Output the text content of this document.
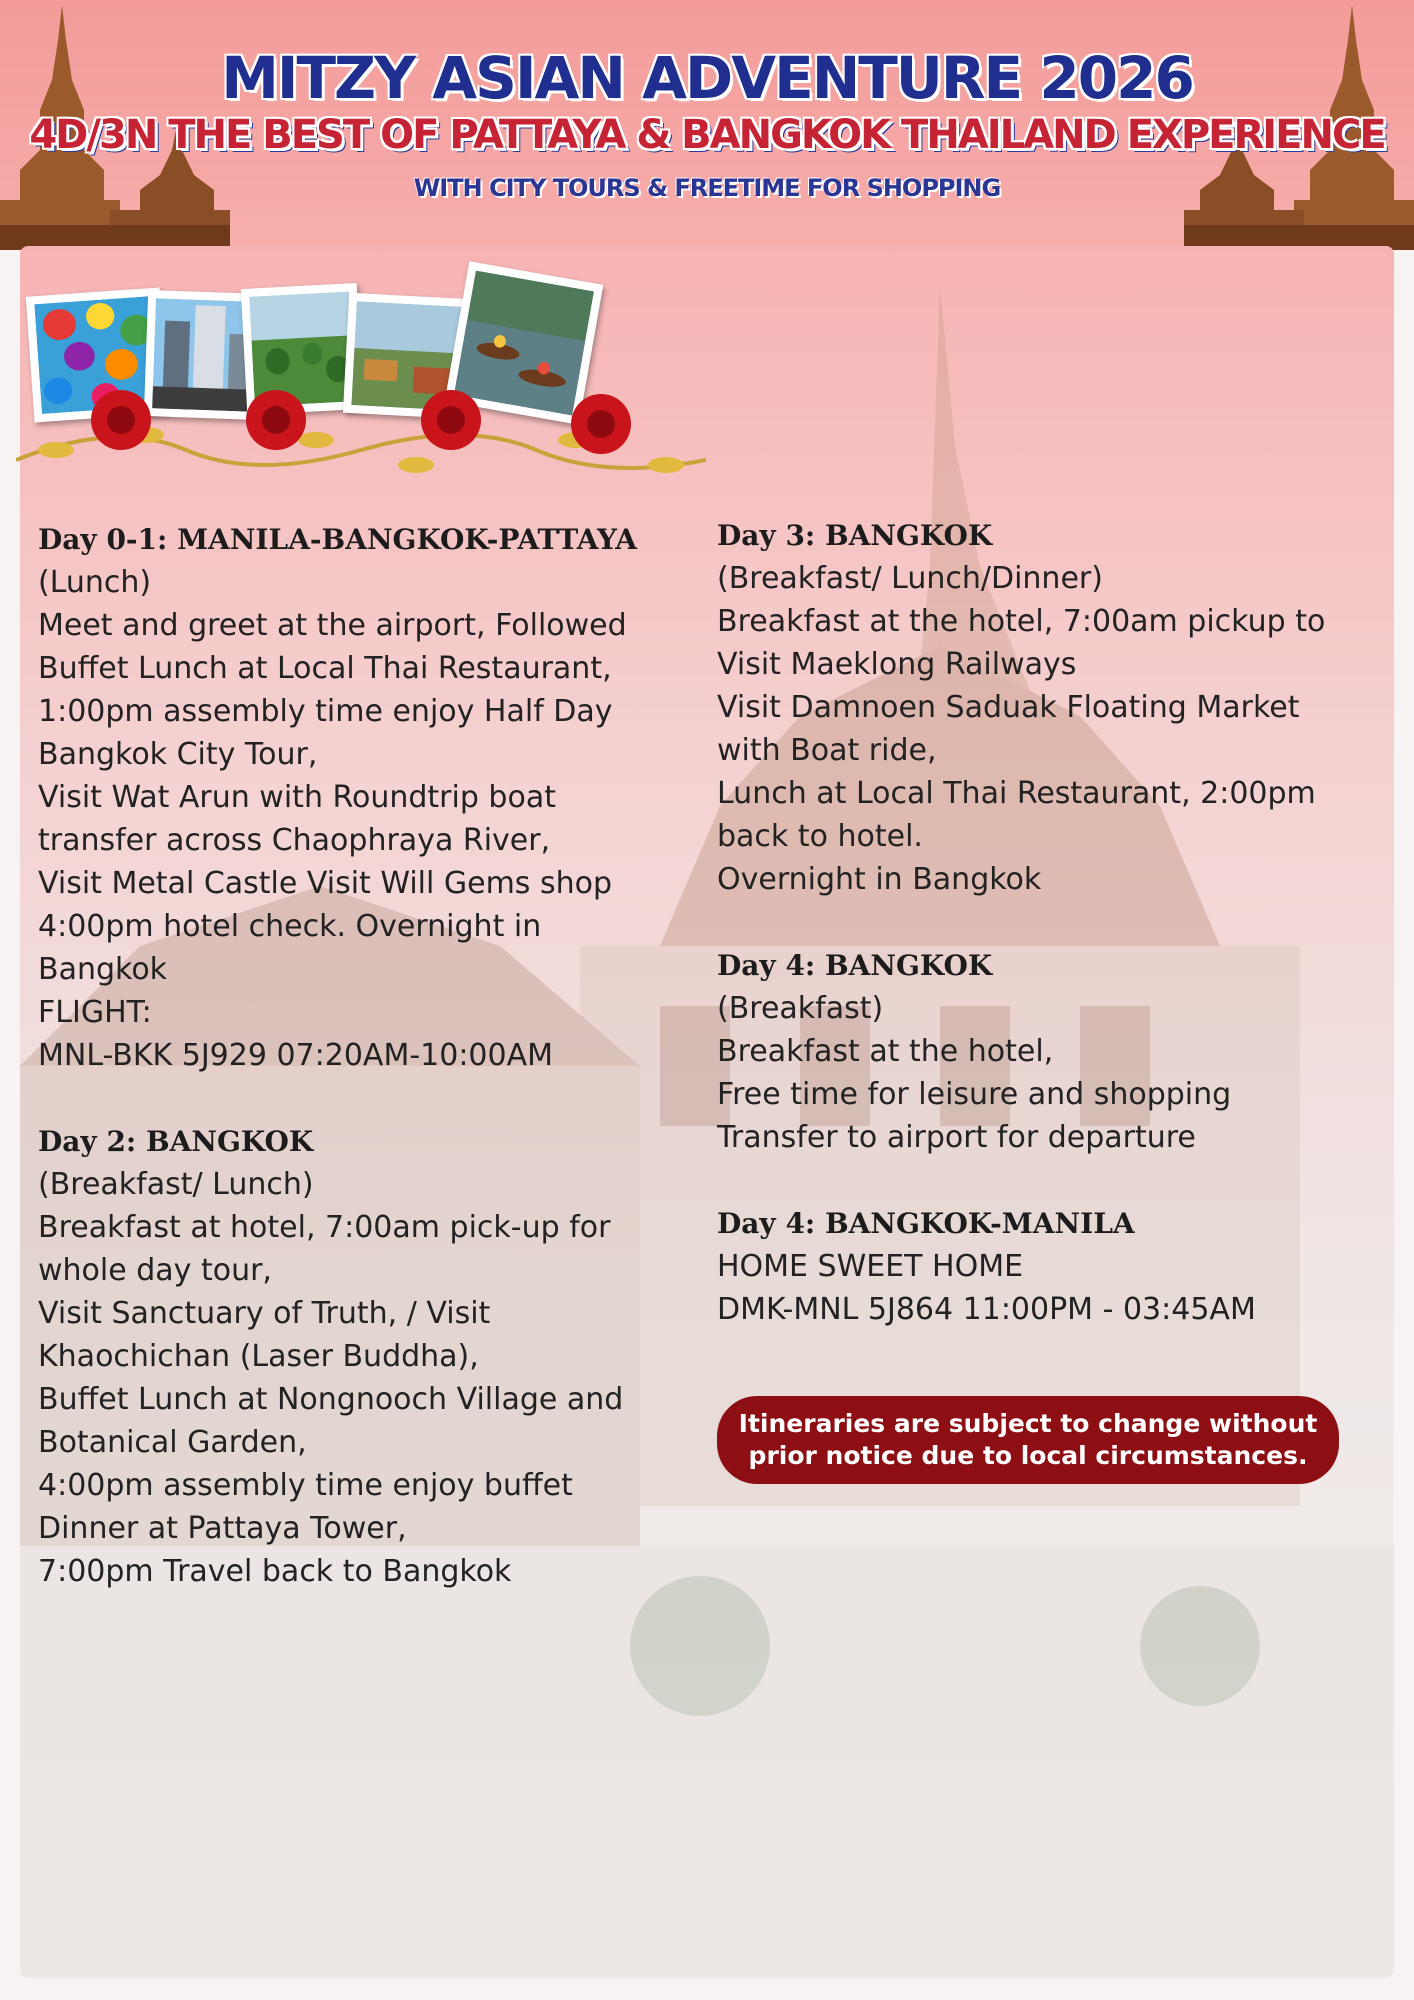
MITZY ASIAN ADVENTURE 2026
4D/3N THE BEST OF PATTAYA & BANGKOK THAILAND EXPERIENCE
WITH CITY TOURS & FREETIME FOR SHOPPING
Day 0-1: MANILA-BANGKOK-PATTAYA
(Lunch)
Meet and greet at the airport, Followed
Buffet Lunch at Local Thai Restaurant,
1:00pm assembly time enjoy Half Day
Bangkok City Tour,
Visit Wat Arun with Roundtrip boat
transfer across Chaophraya River,
Visit Metal Castle Visit Will Gems shop
4:00pm hotel check. Overnight in
Bangkok
FLIGHT:
MNL-BKK 5J929 07:20AM-10:00AM
Day 2: BANGKOK
(Breakfast/ Lunch)
Breakfast at hotel, 7:00am pick-up for
whole day tour,
Visit Sanctuary of Truth, / Visit
Khaochichan (Laser Buddha),
Buffet Lunch at Nongnooch Village and
Botanical Garden,
4:00pm assembly time enjoy buffet
Dinner at Pattaya Tower,
7:00pm Travel back to Bangkok
Day 3: BANGKOK
(Breakfast/ Lunch/Dinner)
Breakfast at the hotel, 7:00am pickup to
Visit Maeklong Railways
Visit Damnoen Saduak Floating Market
with Boat ride,
Lunch at Local Thai Restaurant, 2:00pm
back to hotel.
Overnight in Bangkok
Day 4: BANGKOK
(Breakfast)
Breakfast at the hotel,
Free time for leisure and shopping
Transfer to airport for departure
Day 4: BANGKOK-MANILA
HOME SWEET HOME
DMK-MNL 5J864 11:00PM - 03:45AM
Itineraries are subject to change without
prior notice due to local circumstances.
